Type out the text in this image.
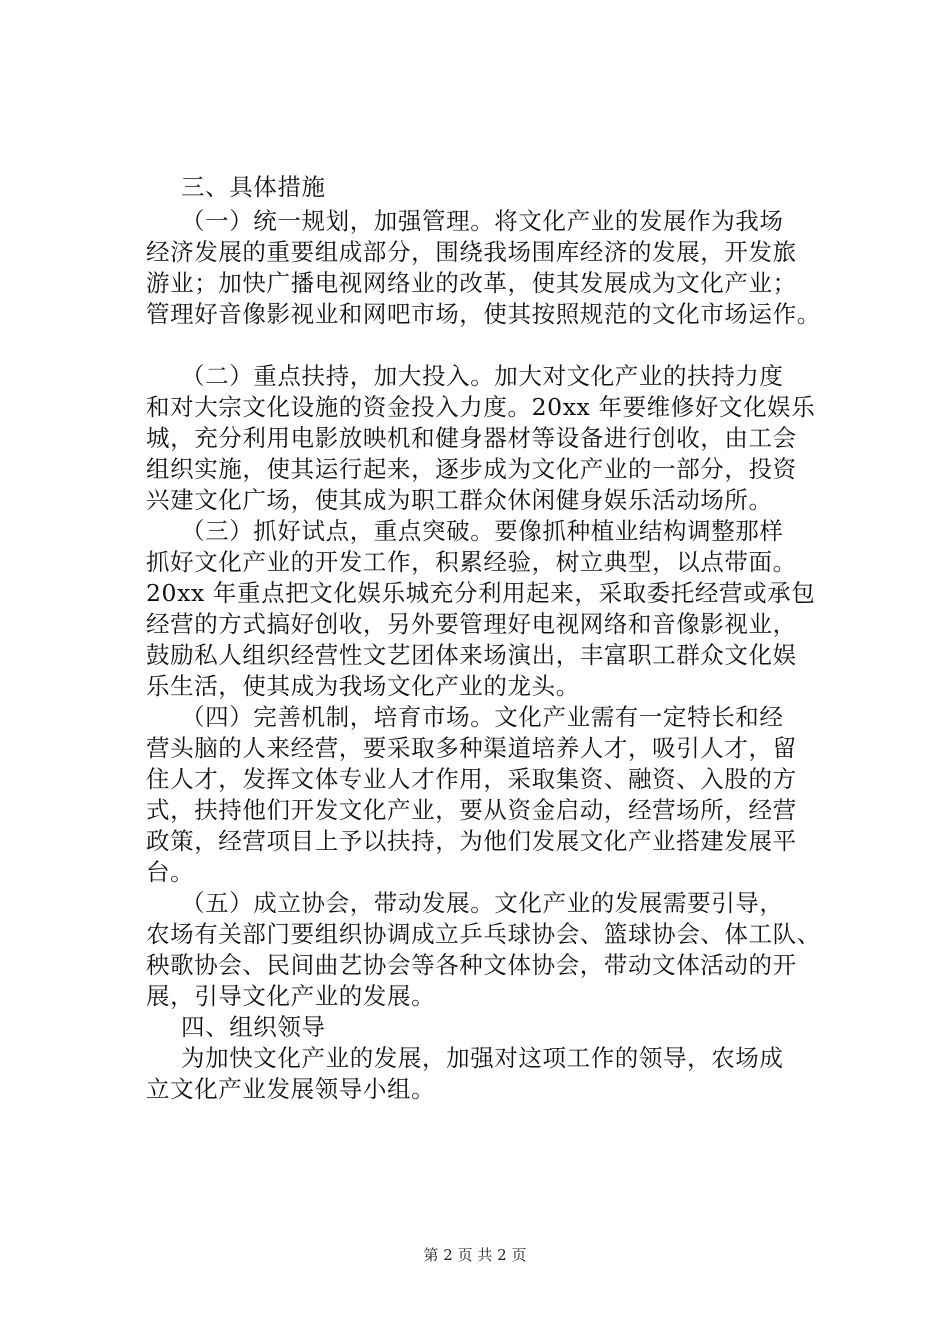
三、具体措施
（一）统一规划，加强管理。将文化产业的发展作为我场
经济发展的重要组成部分，围绕我场围库经济的发展，开发旅
游业；加快广播电视网络业的改革，使其发展成为文化产业；
管理好音像影视业和网吧市场，使其按照规范的文化市场运作。
（二）重点扶持，加大投入。加大对文化产业的扶持力度
和对大宗文化设施的资金投入力度。20xx 年要维修好文化娱乐
城，充分利用电影放映机和健身器材等设备进行创收，由工会
组织实施，使其运行起来，逐步成为文化产业的一部分，投资
兴建文化广场，使其成为职工群众休闲健身娱乐活动场所。
（三）抓好试点，重点突破。要像抓种植业结构调整那样
抓好文化产业的开发工作，积累经验，树立典型，以点带面。
20xx 年重点把文化娱乐城充分利用起来，采取委托经营或承包
经营的方式搞好创收，另外要管理好电视网络和音像影视业，
鼓励私人组织经营性文艺团体来场演出，丰富职工群众文化娱
乐生活，使其成为我场文化产业的龙头。
（四）完善机制，培育市场。文化产业需有一定特长和经
营头脑的人来经营，要采取多种渠道培养人才，吸引人才，留
住人才，发挥文体专业人才作用，采取集资、融资、入股的方
式，扶持他们开发文化产业，要从资金启动，经营场所，经营
政策，经营项目上予以扶持，为他们发展文化产业搭建发展平
台。
（五）成立协会，带动发展。文化产业的发展需要引导，
农场有关部门要组织协调成立乒乓球协会、篮球协会、体工队、
秧歌协会、民间曲艺协会等各种文体协会，带动文体活动的开
展，引导文化产业的发展。
四、组织领导
为加快文化产业的发展，加强对这项工作的领导，农场成
立文化产业发展领导小组。
第 2 页 共 2 页
